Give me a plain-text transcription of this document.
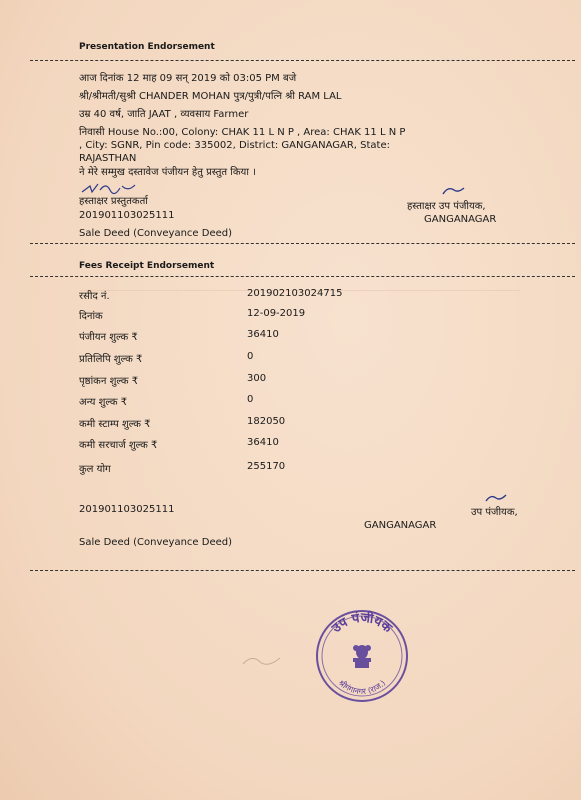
Presentation Endorsement
आज दिनांक 12 माह 09 सन् 2019 को 03:05 PM बजे
श्री/श्रीमती/सुश्री CHANDER MOHAN पुत्र/पुत्री/पत्नि श्री RAM LAL
उम्र 40 वर्ष, जाति JAAT , व्यवसाय Farmer
निवासी House No.:00, Colony: CHAK 11 L N P , Area: CHAK 11 L N P
, City: SGNR, Pin code: 335002, District: GANGANAGAR, State:
RAJASTHAN
ने मेरे सम्मुख दस्तावेज पंजीयन हेतु प्रस्तुत किया ।
हस्ताक्षर प्रस्तुतकर्ता
201901103025111
Sale Deed (Conveyance Deed)
हस्ताक्षर उप पंजीयक,
GANGANAGAR
Fees Receipt Endorsement
रसीद नं.	201902103024715
दिनांक	12-09-2019
पंजीयन शुल्क ₹	36410
प्रतिलिपि शुल्क ₹	0
पृष्ठांकन शुल्क ₹	300
अन्य शुल्क ₹	0
कमी स्टाम्प शुल्क ₹	182050
कमी सरचार्ज शुल्क ₹	36410
कुल योग	255170
201901103025111	उप पंजीयक,
GANGANAGAR
Sale Deed (Conveyance Deed)
उप पंजीयक
श्रीगंगानगर (राज.)
